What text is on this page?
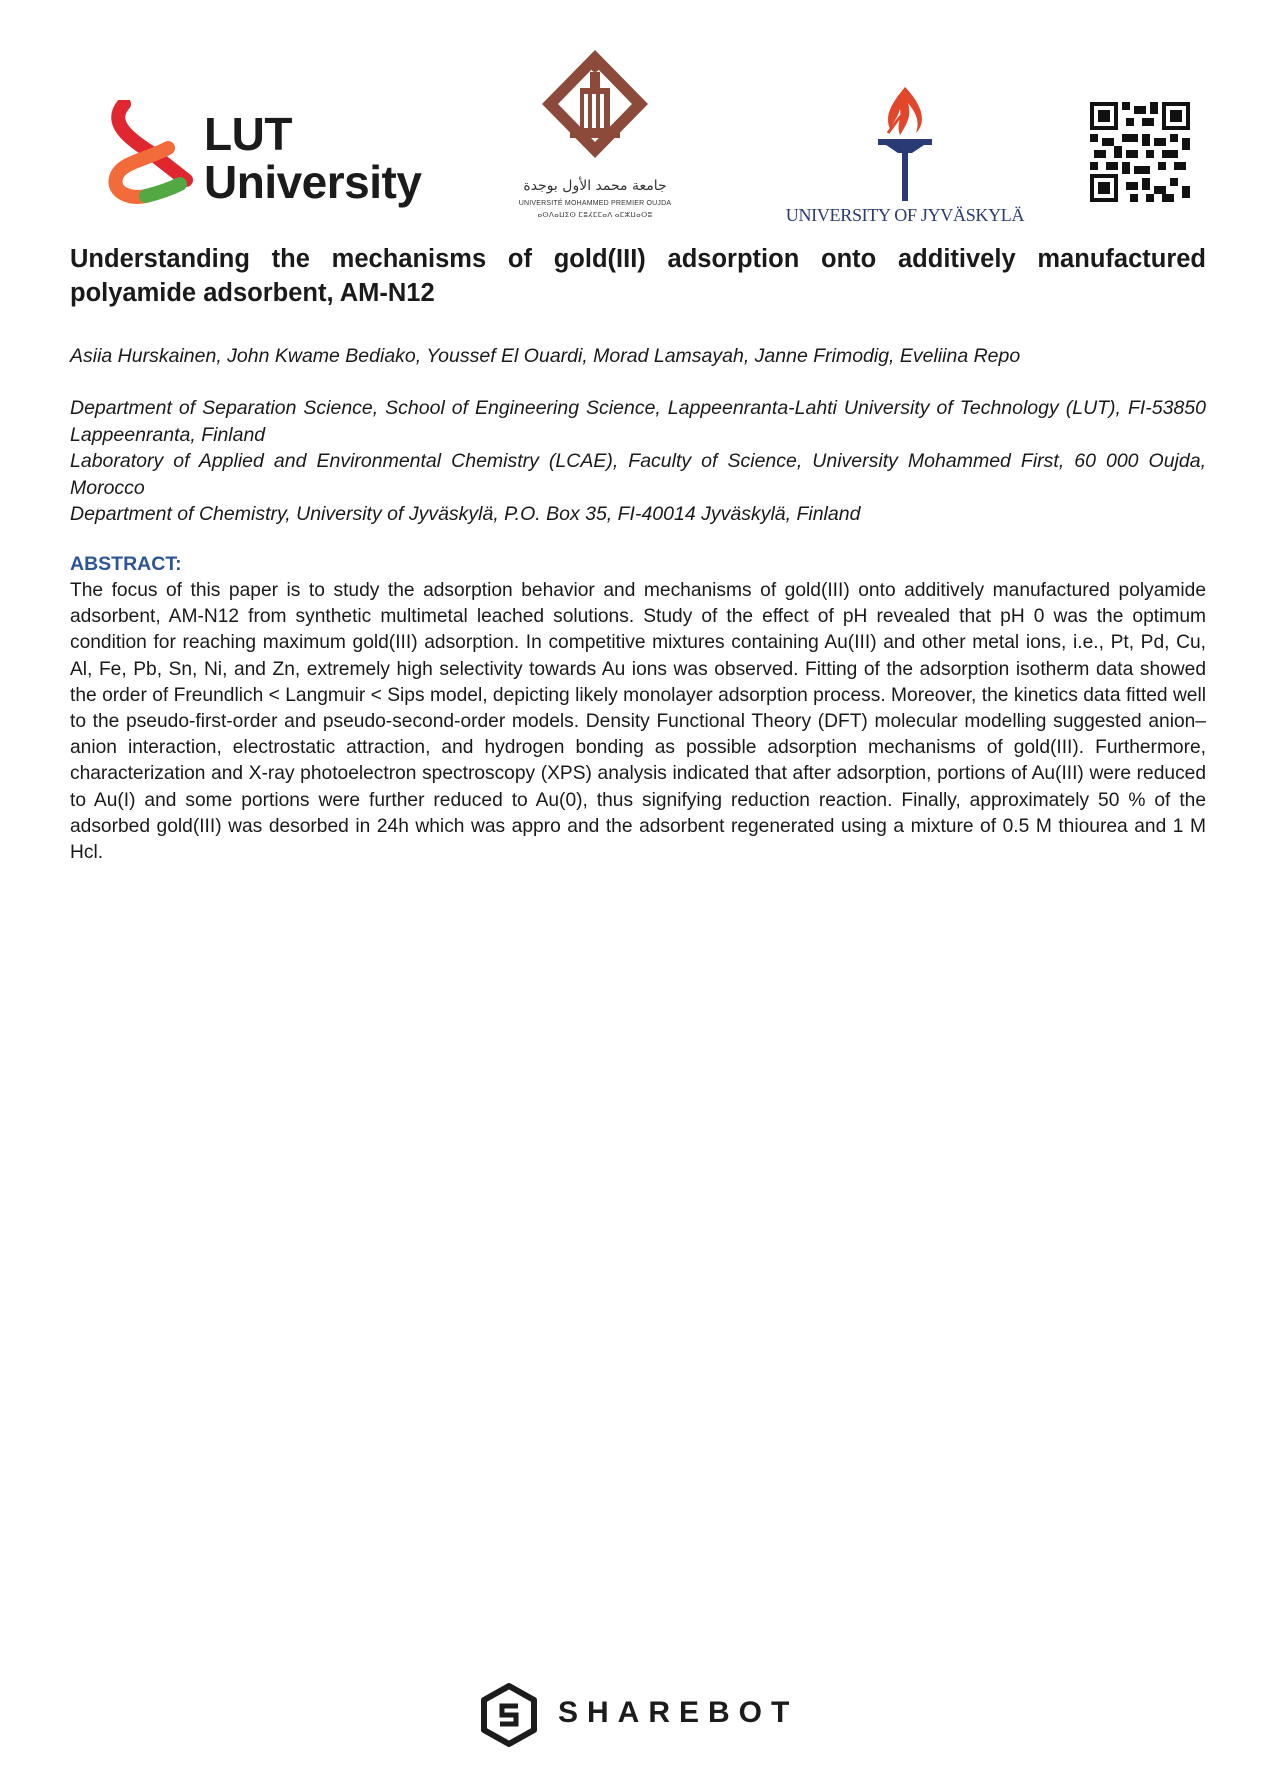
LUT
University	جامعة محمد الأول بوجدة
UNIVERSITÉ MOHAMMED PREMIER OUJDA
ⴰⵙⴷⴰⵡⵉⵙ ⵎⵓⵃⵎⵎⴰⴷ ⴰⵎⵣⵡⴰⵔⵓ	UNIVERSITY OF JYVÄSKYLÄ
Understanding the mechanisms of gold(III) adsorption onto additively manufactured polyamide adsorbent, AM-N12
Asiia Hurskainen, John Kwame Bediako, Youssef El Ouardi, Morad Lamsayah, Janne Frimodig, Eveliina Repo
Department of Separation Science, School of Engineering Science, Lappeenranta-Lahti University of Technology (LUT), FI-53850 Lappeenranta, Finland
Laboratory of Applied and Environmental Chemistry (LCAE), Faculty of Science, University Mohammed First, 60 000 Oujda, Morocco
Department of Chemistry, University of Jyväskylä, P.O. Box 35, FI-40014 Jyväskylä, Finland
ABSTRACT:
The focus of this paper is to study the adsorption behavior and mechanisms of gold(III) onto additively manufactured polyamide adsorbent, AM-N12 from synthetic multimetal leached solutions. Study of the effect of pH revealed that pH 0 was the optimum condition for reaching maximum gold(III) adsorption. In competitive mixtures containing Au(III) and other metal ions, i.e., Pt, Pd, Cu, Al, Fe, Pb, Sn, Ni, and Zn, extremely high selectivity towards Au ions was observed. Fitting of the adsorption isotherm data showed the order of Freundlich < Langmuir < Sips model, depicting likely monolayer adsorption process. Moreover, the kinetics data fitted well to the pseudo-first-order and pseudo-second-order models. Density Functional Theory (DFT) molecular modelling suggested anion–anion interaction, electrostatic attraction, and hydrogen bonding as possible adsorption mechanisms of gold(III). Furthermore, characterization and X-ray photoelectron spectroscopy (XPS) analysis indicated that after adsorption, portions of Au(III) were reduced to Au(I) and some portions were further reduced to Au(0), thus signifying reduction reaction. Finally, approximately 50 % of the adsorbed gold(III) was desorbed in 24h which was appro and the adsorbent regenerated using a mixture of 0.5 M thiourea and 1 M Hcl.
SHAREBOT
